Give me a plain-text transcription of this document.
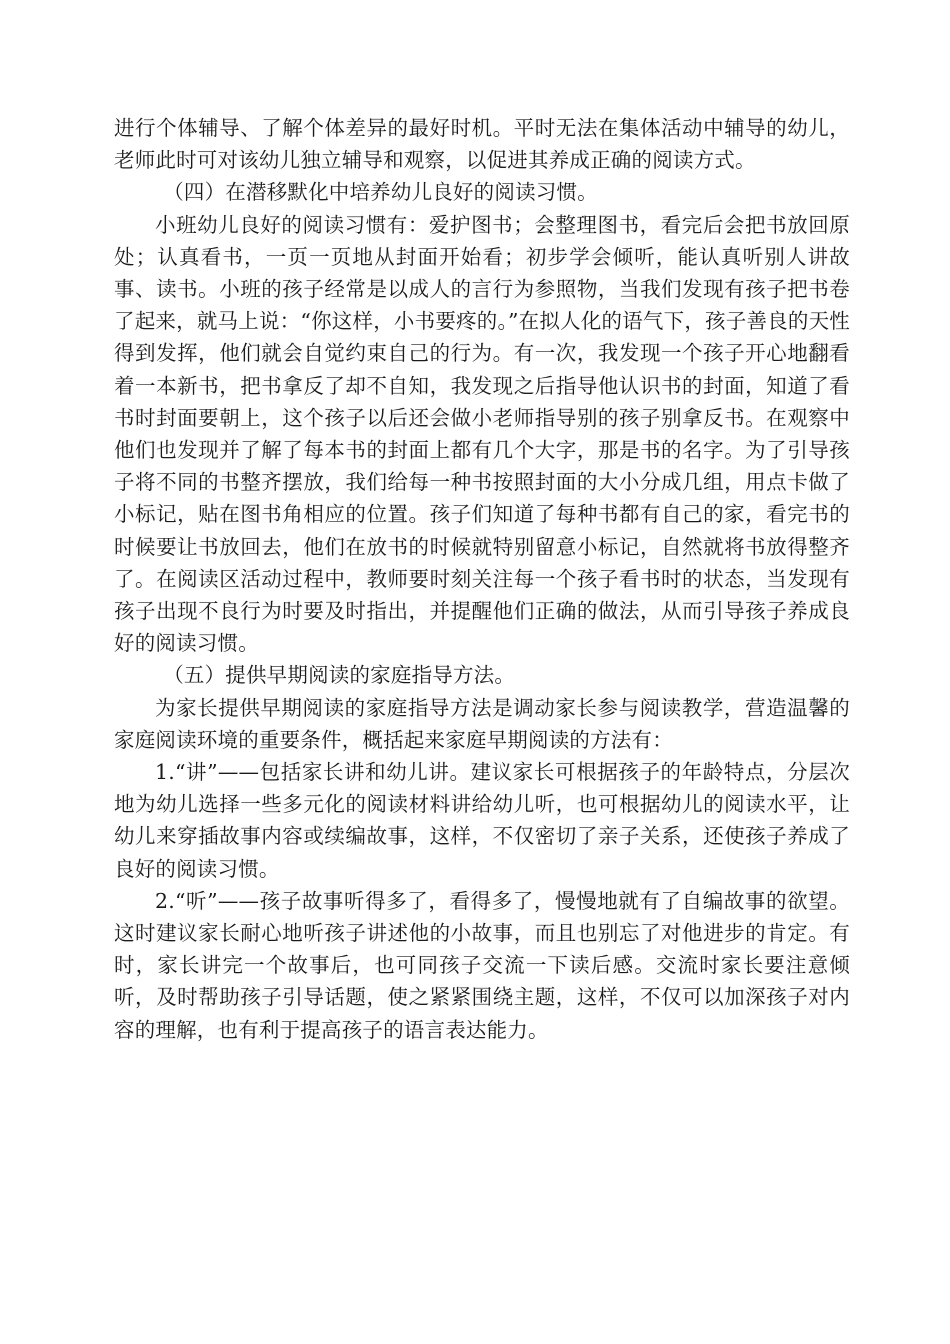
进行个体辅导、了解个体差异的最好时机。平时无法在集体活动中辅导的幼儿，老师此时可对该幼儿独立辅导和观察，以促进其养成正确的阅读方式。

（四）在潜移默化中培养幼儿良好的阅读习惯。

小班幼儿良好的阅读习惯有：爱护图书；会整理图书，看完后会把书放回原处；认真看书，一页一页地从封面开始看；初步学会倾听，能认真听别人讲故事、读书。小班的孩子经常是以成人的言行为参照物，当我们发现有孩子把书卷了起来，就马上说：“你这样，小书要疼的。”在拟人化的语气下，孩子善良的天性得到发挥，他们就会自觉约束自己的行为。有一次，我发现一个孩子开心地翻看着一本新书，把书拿反了却不自知，我发现之后指导他认识书的封面，知道了看书时封面要朝上，这个孩子以后还会做小老师指导别的孩子别拿反书。在观察中他们也发现并了解了每本书的封面上都有几个大字，那是书的名字。为了引导孩子将不同的书整齐摆放，我们给每一种书按照封面的大小分成几组，用点卡做了小标记，贴在图书角相应的位置。孩子们知道了每种书都有自己的家，看完书的时候要让书放回去，他们在放书的时候就特别留意小标记，自然就将书放得整齐了。在阅读区活动过程中，教师要时刻关注每一个孩子看书时的状态，当发现有孩子出现不良行为时要及时指出，并提醒他们正确的做法，从而引导孩子养成良好的阅读习惯。

（五）提供早期阅读的家庭指导方法。

为家长提供早期阅读的家庭指导方法是调动家长参与阅读教学，营造温馨的家庭阅读环境的重要条件，概括起来家庭早期阅读的方法有：

1.“讲”——包括家长讲和幼儿讲。建议家长可根据孩子的年龄特点，分层次地为幼儿选择一些多元化的阅读材料讲给幼儿听，也可根据幼儿的阅读水平，让幼儿来穿插故事内容或续编故事，这样，不仅密切了亲子关系，还使孩子养成了良好的阅读习惯。

2.“听”——孩子故事听得多了，看得多了，慢慢地就有了自编故事的欲望。这时建议家长耐心地听孩子讲述他的小故事，而且也别忘了对他进步的肯定。有时，家长讲完一个故事后，也可同孩子交流一下读后感。交流时家长要注意倾听，及时帮助孩子引导话题，使之紧紧围绕主题，这样，不仅可以加深孩子对内容的理解，也有利于提高孩子的语言表达能力。
